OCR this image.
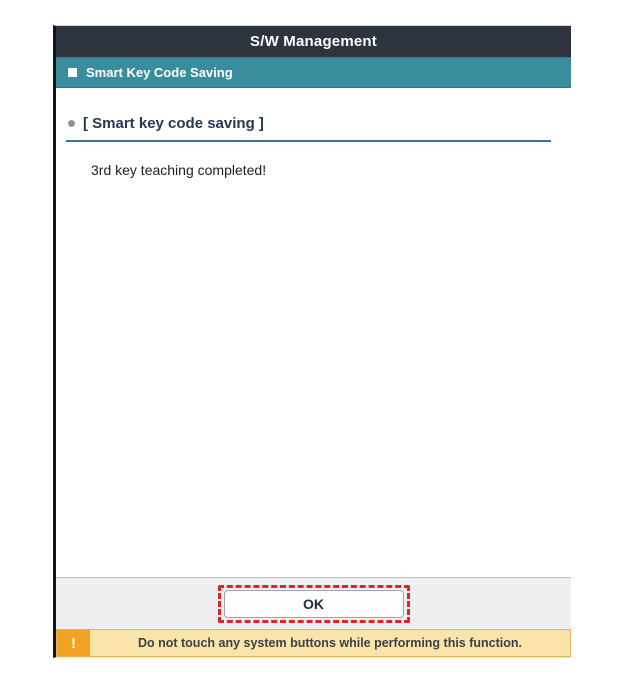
S/W Management
Smart Key Code Saving
[ Smart key code saving ]
3rd key teaching completed!
OK
!	Do not touch any system buttons while performing this function.
